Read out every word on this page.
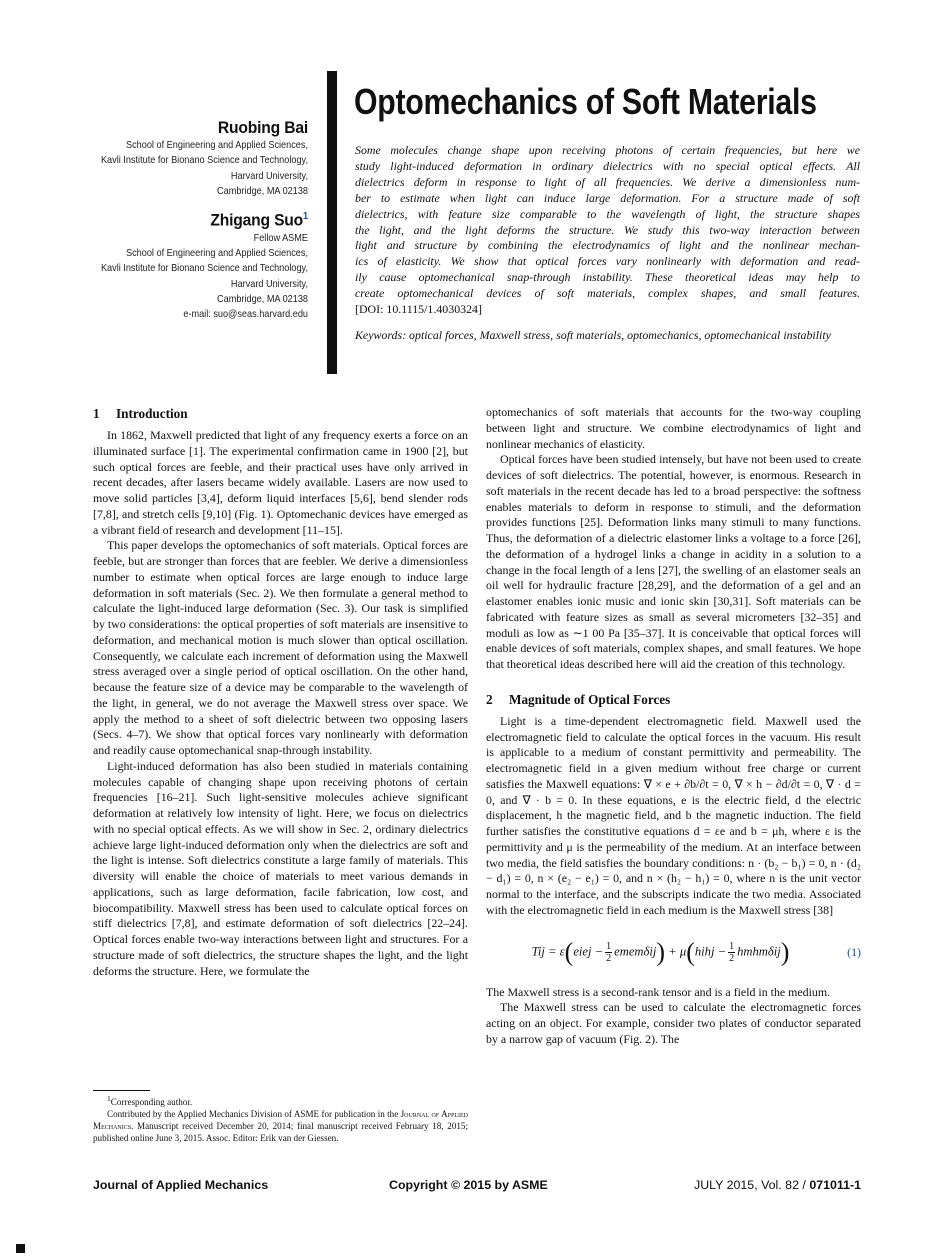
Ruobing Bai
School of Engineering and Applied Sciences,
Kavli Institute for Bionano Science and Technology,
Harvard University,
Cambridge, MA 02138
Zhigang Suo$^1$
Fellow ASME
School of Engineering and Applied Sciences,
Kavli Institute for Bionano Science and Technology,
Harvard University,
Cambridge, MA 02138
e-mail: suo@seas.harvard.edu
Optomechanics of Soft Materials
Some molecules change shape upon receiving photons of certain frequencies, but here we
study light-induced deformation in ordinary dielectrics with no special optical effects. All
dielectrics deform in response to light of all frequencies. We derive a dimensionless num-
ber to estimate when light can induce large deformation. For a structure made of soft
dielectrics, with feature size comparable to the wavelength of light, the structure shapes
the light, and the light deforms the structure. We study this two-way interaction between
light and structure by combining the electrodynamics of light and the nonlinear mechan-
ics of elasticity. We show that optical forces vary nonlinearly with deformation and read-
ily cause optomechanical snap-through instability. These theoretical ideas may help to
create optomechanical devices of soft materials, complex shapes, and small features.
[DOI: 10.1115/1.4030324]
Keywords: optical forces, Maxwell stress, soft materials, optomechanics, optomechanical instability
1 Introduction

In 1862, Maxwell predicted that light of any frequency exerts a force on an illuminated surface [1]. The experimental confirmation came in 1900 [2], but such optical forces are feeble, and their practical uses have only arrived in recent decades, after lasers became widely available. Lasers are now used to move solid particles [3,4], deform liquid interfaces [5,6], bend slender rods [7,8], and stretch cells [9,10] (Fig. 1). Optomechanic devices have emerged as a vibrant field of research and development [11–15].

This paper develops the optomechanics of soft materials. Optical forces are feeble, but are stronger than forces that are feebler. We derive a dimensionless number to estimate when optical forces are large enough to induce large deformation in soft materials (Sec. 2). We then formulate a general method to calculate the light-induced large deformation (Sec. 3). Our task is simplified by two considerations: the optical properties of soft materials are insensitive to deformation, and mechanical motion is much slower than optical oscillation. Consequently, we calculate each increment of deformation using the Maxwell stress averaged over a single period of optical oscillation. On the other hand, because the feature size of a device may be comparable to the wavelength of the light, in general, we do not average the Maxwell stress over space. We apply the method to a sheet of soft dielectric between two opposing lasers (Secs. 4–7). We show that optical forces vary nonlinearly with deformation and readily cause optomechanical snap-through instability.

Light-induced deformation has also been studied in materials containing molecules capable of changing shape upon receiving photons of certain frequencies [16–21]. Such light-sensitive molecules achieve significant deformation at relatively low intensity of light. Here, we focus on dielectrics with no special optical effects. As we will show in Sec. 2, ordinary dielectrics achieve large light-induced deformation only when the dielectrics are soft and the light is intense. Soft dielectrics constitute a large family of materials. This diversity will enable the choice of materials to meet various demands in applications, such as large deformation, facile fabrication, low cost, and biocompatibility. Maxwell stress has been used to calculate optical forces on stiff dielectrics [7,8], and estimate deformation of soft dielectrics [22–24]. Optical forces enable two-way interactions between light and structures. For a structure made of soft dielectrics, the structure shapes the light, and the light deforms the structure. Here, we formulate the

optomechanics of soft materials that accounts for the two-way coupling between light and structure. We combine electrodynamics of light and nonlinear mechanics of elasticity.

Optical forces have been studied intensely, but have not been used to create devices of soft dielectrics. The potential, however, is enormous. Research in soft materials in the recent decade has led to a broad perspective: the softness enables materials to deform in response to stimuli, and the deformation provides functions [25]. Deformation links many stimuli to many functions. Thus, the deformation of a dielectric elastomer links a voltage to a force [26], the deformation of a hydrogel links a change in acidity in a solution to a change in the focal length of a lens [27], the swelling of an elastomer seals an oil well for hydraulic fracture [28,29], and the deformation of a gel and an elastomer enables ionic music and ionic skin [30,31]. Soft materials can be fabricated with feature sizes as small as several micrometers [32–35] and moduli as low as ∼1 00 Pa [35–37]. It is conceivable that optical forces will enable devices of soft materials, complex shapes, and small features. We hope that theoretical ideas described here will aid the creation of this technology.

2 Magnitude of Optical Forces

Light is a time-dependent electromagnetic field. Maxwell used the electromagnetic field to calculate the optical forces in the vacuum. His result is applicable to a medium of constant permittivity and permeability. The electromagnetic field in a given medium without free charge or current satisfies the Maxwell equations: ∇ × e + ∂b/∂t = 0, ∇ × h − ∂d/∂t = 0, ∇ · d = 0, and ∇ · b = 0. In these equations, e is the electric field, d the electric displacement, h the magnetic field, and b the magnetic induction. The field further satisfies the constitutive equations d = εe and b = μh, where ε is the permittivity and μ is the permeability of the medium. At an interface between two media, the field satisfies the boundary conditions: n · (b₂ − b₁) = 0, n · (d₂ − d₁) = 0, n × (e₂ − e₁) = 0, and n × (h₂ − h₁) = 0, where n is the unit vector normal to the interface, and the subscripts indicate the two media. Associated with the electromagnetic field in each medium is the Maxwell stress [38]

Tij = ε(eiej − $\frac{1}{2}$ ememδij) + μ(hihj − $\frac{1}{2}$ hmhmδij)	(1)

The Maxwell stress is a second-rank tensor and is a field in the medium.

The Maxwell stress can be used to calculate the electromagnetic forces acting on an object. For example, consider two plates of conductor separated by a narrow gap of vacuum (Fig. 2). The

$^1$Corresponding author.

Contributed by the Applied Mechanics Division of ASME for publication in the Journal of Applied Mechanics. Manuscript received December 20, 2014; final manuscript received February 18, 2015; published online June 3, 2015. Assoc. Editor: Erik van der Giessen.

Journal of Applied Mechanics	Copyright © 2015 by ASME	JULY 2015, Vol. 82 / 071011-1
